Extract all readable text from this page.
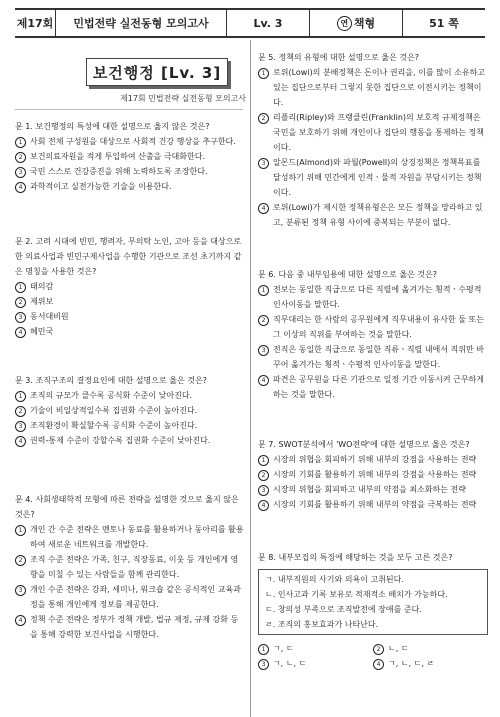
제17회	민법전략 실전동형 모의고사	Lv. 3	연 책형	51 쪽
보건행정 [Lv. 3]
제17회 민법전략 실전동형 모의고사

문 1. 보건행정의 특성에 대한 설명으로 옳지 않은 것은?

1 사회 전체 구성원을 대상으로 사회적 건강 행상을 추구한다.

2 보건의료자원을 적게 투입하여 산출을 극대화한다.

3 국민 스스로 건강증진을 위해 노력하도록 조장한다.

4 과학적이고 실전가능한 기술을 이용한다.

문 2. 고려 시대에 빈민, 행려자, 무의탁 노인, 고아 등을 대상으로 한 의료사업과 빈민구제사업을 수행한 기관으로 조선 초기까지 같은 명칭을 사용한 것은?

1 태의감

2 제위보

3 동서대비원

4 혜민국

문 3. 조직구조의 결정요인에 대한 설명으로 옳은 것은?

1 조직의 규모가 클수록 공식화 수준이 낮아진다.

2 기술이 비일상적일수록 집권화 수준이 높아진다.

3 조직환경이 확실할수록 공식화 수준이 높아진다.

4 권력-통제 수준이 강할수록 집권화 수준이 낮아진다.

문 4. 사회생태학적 모형에 따른 전략을 설명한 것으로 옳지 않은 것은?

1 개인 간 수준 전략은 멘토나 동료를 활용하거나 동아리를 활용하여 새로운 네트워크를 개발한다.

2 조직 수준 전략은 가족, 친구, 직장동료, 이웃 등 개인에게 영향을 미칠 수 있는 사람들을 함께 관리한다.

3 개인 수준 전략은 강좌, 세미나, 워크숍 같은 공식적인 교육과정을 통해 개인에게 정보를 제공한다.

4 정책 수준 전략은 정부가 정책 개발, 법규 제정, 규제 강화 등을 통해 강력한 보건사업을 시행한다.

문 5. 정책의 유형에 대한 설명으로 옳은 것은?

1 로위(Lowi)의 분배정책은 돈이나 권리을, 이를 많이 소유하고 있는 집단으로부터 그렇지 못한 집단으로 이전시키는 정책이다.

2 리플리(Ripley)와 프랭클린(Franklin)의 보호적 규제정책은 국민을 보호하기 위해 개인이나 집단의 행동을 통제하는 정책이다.

3 알몬드(Almond)와 파월(Powell)의 상징정책은 정책목표를 달성하기 위해 민간에게 인적ㆍ물적 자원을 부담시키는 정책이다.

4 로위(Lowi)가 제시한 정책유형은은 모든 정책을 망라하고 있고, 분류된 정책 유형 사이에 중복되는 부분이 없다.

문 6. 다음 중 내부임용에 대한 설명으로 옳은 것은?

1 전보는 동일한 직급으로 다른 직렬에 옮겨가는 횡적ㆍ수평적 인사이동을 말한다.

2 직무대리는 한 사람의 공무원에게 직무내용이 유사한 둘 또는 그 이상의 직위를 부여하는 것을 말한다.

3 전직은 동일한 직급으로 동일한 직류ㆍ직렬 내에서 직위만 바꾸어 옮겨가는 횡적ㆍ수평적 인사이동을 말한다.

4 파견은 공무원을 다른 기관으로 일정 기간 이동시켜 근무하게 하는 것을 말한다.

문 7. SWOT분석에서 'WO전략'에 대한 설명으로 옳은 것은?

1 시장의 위협을 회피하기 위해 내부의 강점을 사용하는 전략

2 시장의 기회를 활용하기 위해 내부의 강점을 사용하는 전략

3 시장의 위협을 회피하고 내부의 약점을 최소화하는 전략

4 시장의 기회를 활용하기 위해 내부의 약점을 극복하는 전략

문 8. 내부모집의 특징에 해당하는 것을 모두 고른 것은?

ㄱ. 내부직원의 사기와 의욕이 고취된다.

ㄴ. 인사고과 기록 보유로 적재적소 배치가 가능하다.

ㄷ. 창의성 부족으로 조직발전에 장애를 준다.

ㄹ. 조직의 홍보효과가 나타난다.

1 ㄱ, ㄷ	2 ㄴ, ㄷ

3 ㄱ, ㄴ, ㄷ	4 ㄱ, ㄴ, ㄷ, ㄹ
